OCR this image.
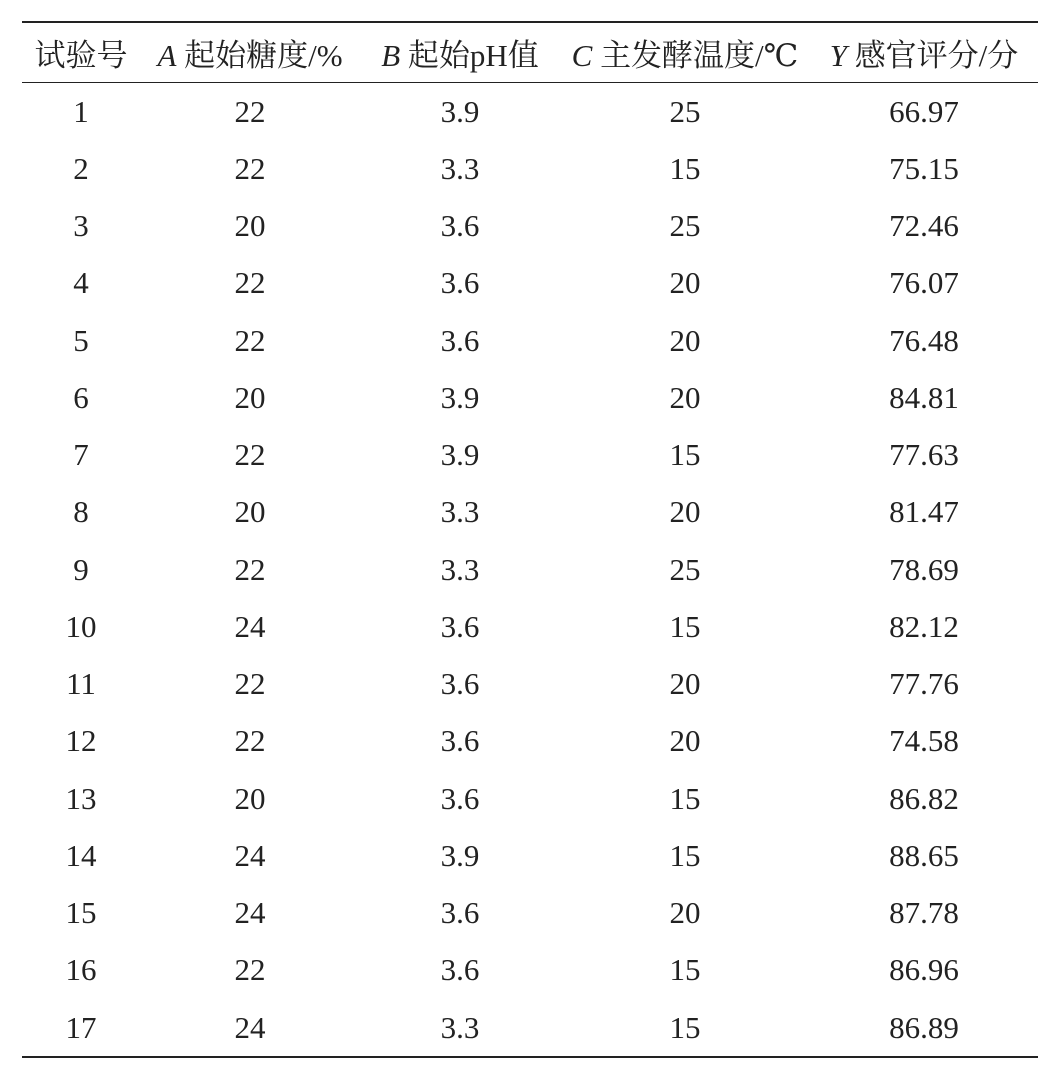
试验号	A 起始糖度/%	B 起始pH值	C 主发酵温度/℃	Y 感官评分/分
1	22	3.9	25	66.97
2	22	3.3	15	75.15
3	20	3.6	25	72.46
4	22	3.6	20	76.07
5	22	3.6	20	76.48
6	20	3.9	20	84.81
7	22	3.9	15	77.63
8	20	3.3	20	81.47
9	22	3.3	25	78.69
10	24	3.6	15	82.12
11	22	3.6	20	77.76
12	22	3.6	20	74.58
13	20	3.6	15	86.82
14	24	3.9	15	88.65
15	24	3.6	20	87.78
16	22	3.6	15	86.96
17	24	3.3	15	86.89
